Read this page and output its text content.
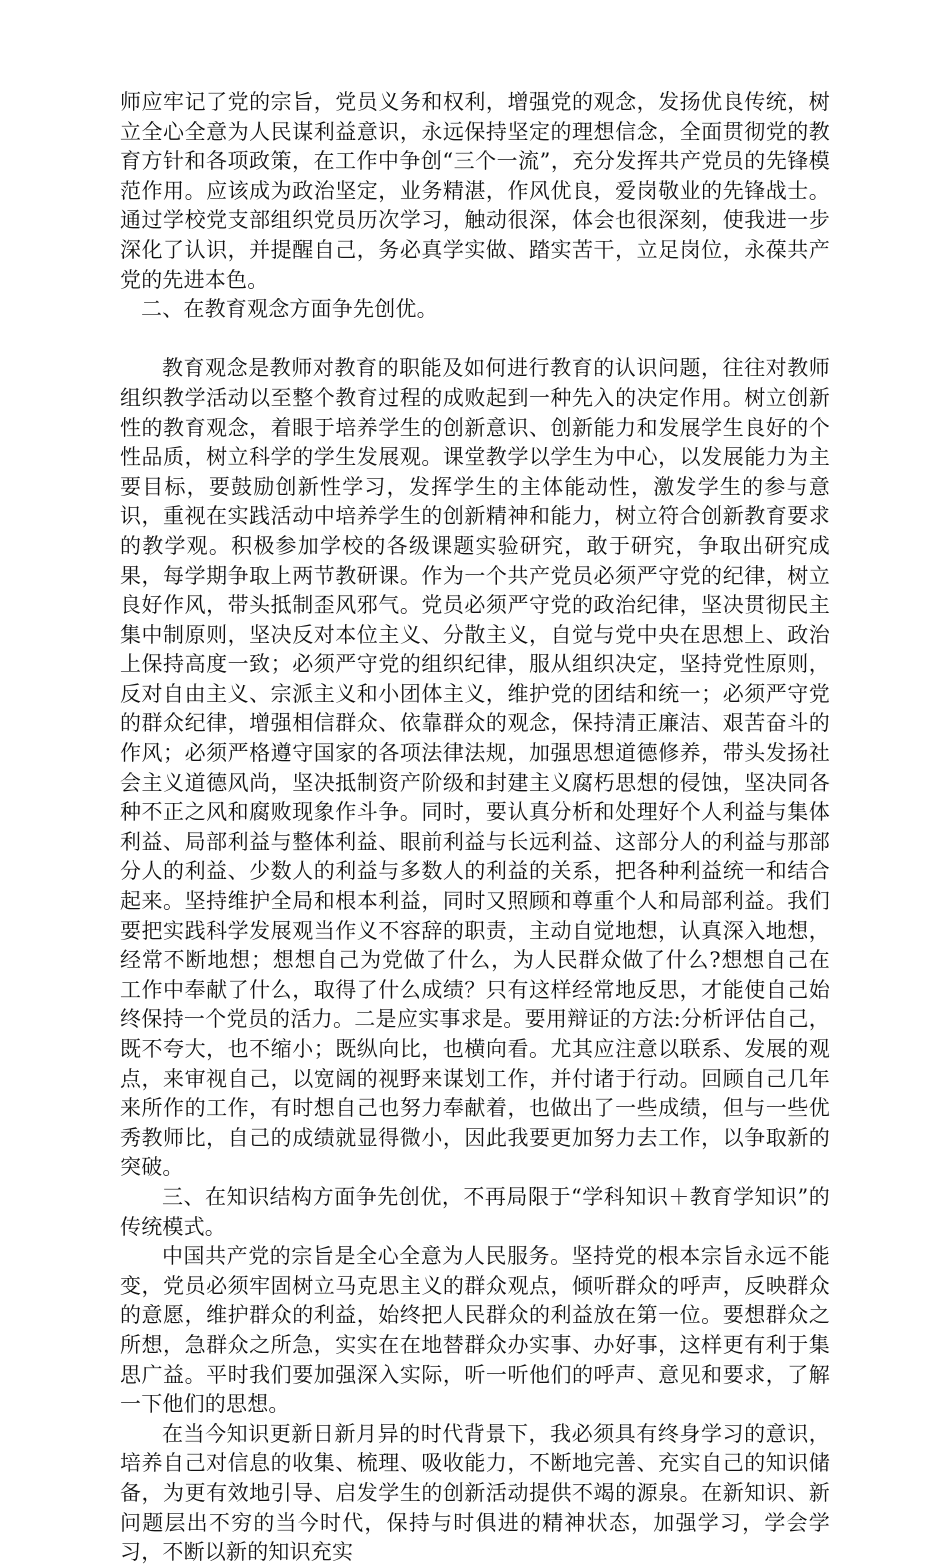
师应牢记了党的宗旨，党员义务和权利，增强党的观念，发扬优良传统，树立全心全意为人民谋利益意识，永远保持坚定的理想信念，全面贯彻党的教育方针和各项政策，在工作中争创“三个一流”，充分发挥共产党员的先锋模范作用。应该成为政治坚定，业务精湛，作风优良，爱岗敬业的先锋战士。通过学校党支部组织党员历次学习，触动很深，体会也很深刻，使我进一步深化了认识，并提醒自己，务必真学实做、踏实苦干，立足岗位，永葆共产党的先进本色。

二、在教育观念方面争先创优。

教育观念是教师对教育的职能及如何进行教育的认识问题，往往对教师组织教学活动以至整个教育过程的成败起到一种先入的决定作用。树立创新性的教育观念，着眼于培养学生的创新意识、创新能力和发展学生良好的个性品质，树立科学的学生发展观。课堂教学以学生为中心，以发展能力为主要目标，要鼓励创新性学习，发挥学生的主体能动性，激发学生的参与意识，重视在实践活动中培养学生的创新精神和能力，树立符合创新教育要求的教学观。积极参加学校的各级课题实验研究，敢于研究，争取出研究成果，每学期争取上两节教研课。作为一个共产党员必须严守党的纪律，树立良好作风，带头抵制歪风邪气。党员必须严守党的政治纪律，坚决贯彻民主集中制原则，坚决反对本位主义、分散主义，自觉与党中央在思想上、政治上保持高度一致；必须严守党的组织纪律，服从组织决定，坚持党性原则，反对自由主义、宗派主义和小团体主义，维护党的团结和统一；必须严守党的群众纪律，增强相信群众、依靠群众的观念，保持清正廉洁、艰苦奋斗的作风；必须严格遵守国家的各项法律法规，加强思想道德修养，带头发扬社会主义道德风尚，坚决抵制资产阶级和封建主义腐朽思想的侵蚀，坚决同各种不正之风和腐败现象作斗争。同时，要认真分析和处理好个人利益与集体利益、局部利益与整体利益、眼前利益与长远利益、这部分人的利益与那部分人的利益、少数人的利益与多数人的利益的关系，把各种利益统一和结合起来。坚持维护全局和根本利益，同时又照顾和尊重个人和局部利益。我们要把实践科学发展观当作义不容辞的职责，主动自觉地想，认真深入地想，经常不断地想；想想自己为党做了什么，为人民群众做了什么?想想自己在工作中奉献了什么，取得了什么成绩？只有这样经常地反思，才能使自己始终保持一个党员的活力。二是应实事求是。要用辩证的方法:分析评估自己，既不夸大，也不缩小；既纵向比，也横向看。尤其应注意以联系、发展的观点，来审视自己，以宽阔的视野来谋划工作，并付诸于行动。回顾自己几年来所作的工作，有时想自己也努力奉献着，也做出了一些成绩，但与一些优秀教师比，自己的成绩就显得微小，因此我要更加努力去工作，以争取新的突破。

三、在知识结构方面争先创优，不再局限于“学科知识＋教育学知识”的传统模式。

中国共产党的宗旨是全心全意为人民服务。坚持党的根本宗旨永远不能变，党员必须牢固树立马克思主义的群众观点，倾听群众的呼声，反映群众的意愿，维护群众的利益，始终把人民群众的利益放在第一位。要想群众之所想，急群众之所急，实实在在地替群众办实事、办好事，这样更有利于集思广益。平时我们要加强深入实际，听一听他们的呼声、意见和要求，了解一下他们的思想。

在当今知识更新日新月异的时代背景下，我必须具有终身学习的意识，培养自己对信息的收集、梳理、吸收能力，不断地完善、充实自己的知识储备，为更有效地引导、启发学生的创新活动提供不竭的源泉。在新知识、新问题层出不穷的当今时代，保持与时俱进的精神状态，加强学习，学会学习，不断以新的知识充实
